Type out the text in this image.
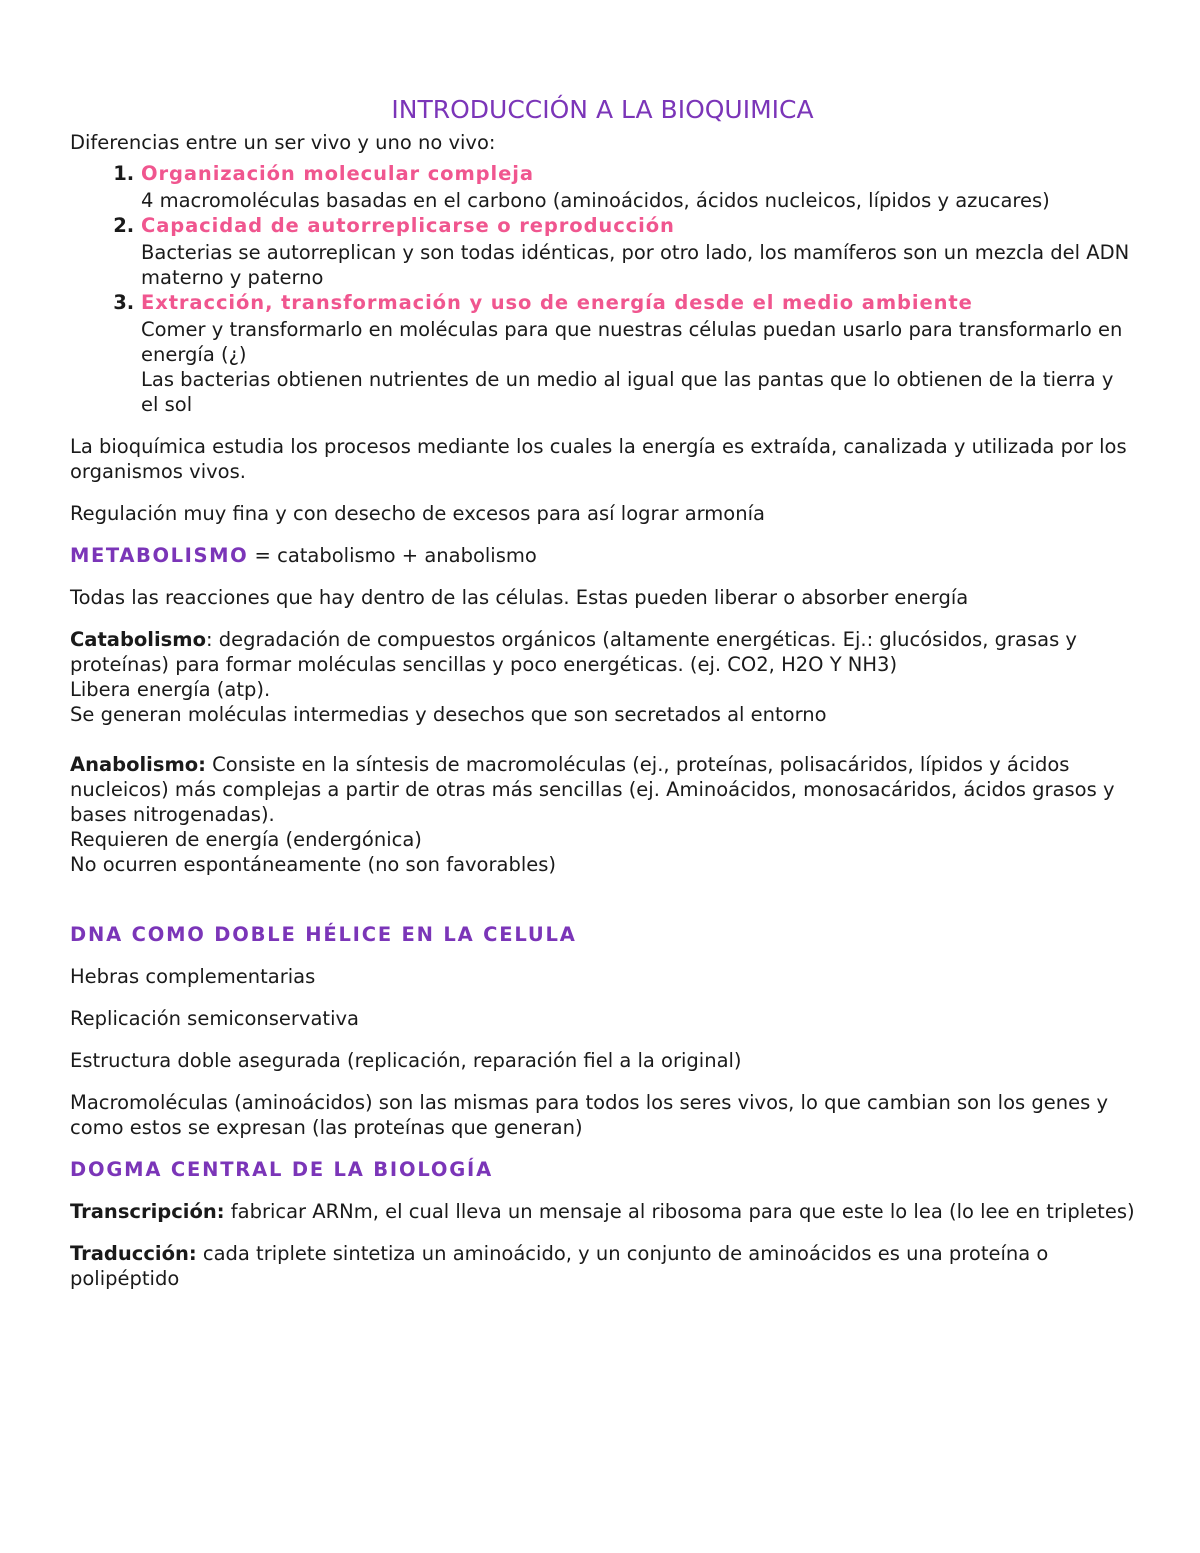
INTRODUCCIÓN A LA BIOQUIMICA

Diferencias entre un ser vivo y uno no vivo:

1. Organización molecular compleja
4 macromoléculas basadas en el carbono (aminoácidos, ácidos nucleicos, lípidos y azucares)
2. Capacidad de autorreplicarse o reproducción
Bacterias se autorreplican y son todas idénticas, por otro lado, los mamíferos son un mezcla del ADN materno y paterno
3. Extracción, transformación y uso de energía desde el medio ambiente
Comer y transformarlo en moléculas para que nuestras células puedan usarlo para transformarlo en energía (¿)
Las bacterias obtienen nutrientes de un medio al igual que las pantas que lo obtienen de la tierra y el sol

La bioquímica estudia los procesos mediante los cuales la energía es extraída, canalizada y utilizada por los organismos vivos.

Regulación muy fina y con desecho de excesos para así lograr armonía

METABOLISMO = catabolismo + anabolismo

Todas las reacciones que hay dentro de las células. Estas pueden liberar o absorber energía

Catabolismo: degradación de compuestos orgánicos (altamente energéticas. Ej.: glucósidos, grasas y proteínas) para formar moléculas sencillas y poco energéticas. (ej. CO2, H2O Y NH3)
Libera energía (atp).
Se generan moléculas intermedias y desechos que son secretados al entorno
Anabolismo: Consiste en la síntesis de macromoléculas (ej., proteínas, polisacáridos, lípidos y ácidos nucleicos) más complejas a partir de otras más sencillas (ej. Aminoácidos, monosacáridos, ácidos grasos y bases nitrogenadas).
Requieren de energía (endergónica)
No ocurren espontáneamente (no son favorables)

DNA COMO DOBLE HÉLICE EN LA CELULA

Hebras complementarias

Replicación semiconservativa

Estructura doble asegurada (replicación, reparación fiel a la original)

Macromoléculas (aminoácidos) son las mismas para todos los seres vivos, lo que cambian son los genes y como estos se expresan (las proteínas que generan)

DOGMA CENTRAL DE LA BIOLOGÍA

Transcripción: fabricar ARNm, el cual lleva un mensaje al ribosoma para que este lo lea (lo lee en tripletes)

Traducción: cada triplete sintetiza un aminoácido, y un conjunto de aminoácidos es una proteína o polipéptido
